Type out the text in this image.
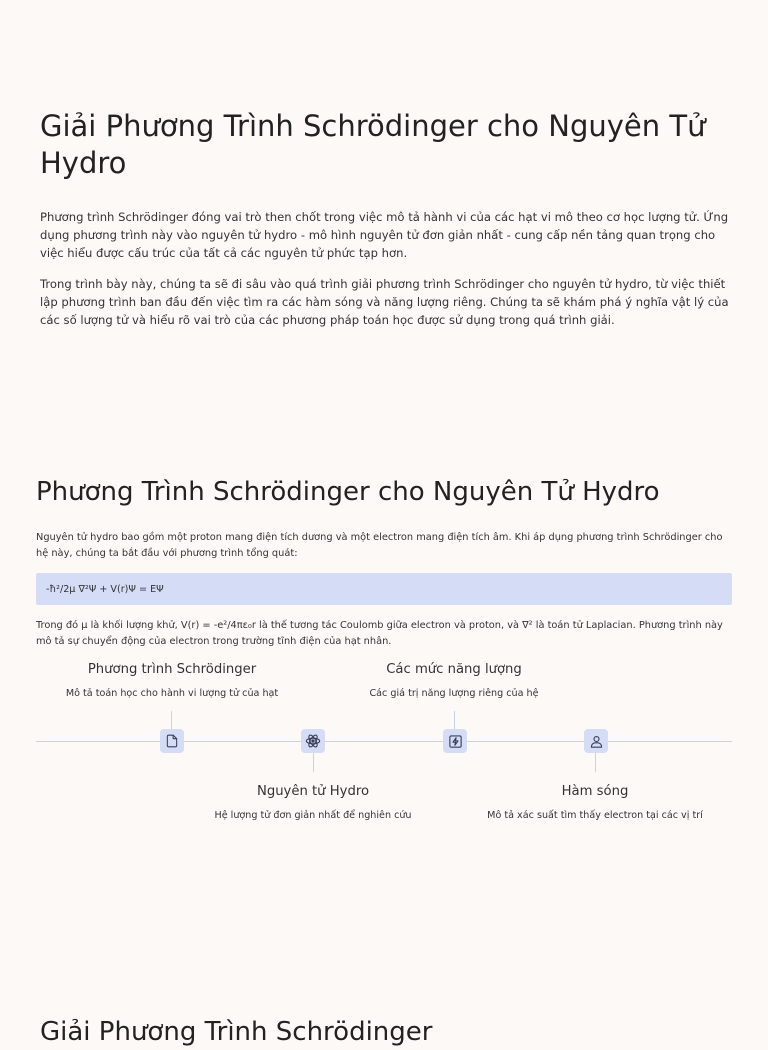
Giải Phương Trình Schrödinger cho Nguyên Tử Hydro

Phương trình Schrödinger đóng vai trò then chốt trong việc mô tả hành vi của các hạt vi mô theo cơ học lượng tử. Ứng dụng phương trình này vào nguyên tử hydro - mô hình nguyên tử đơn giản nhất - cung cấp nền tảng quan trọng cho việc hiểu được cấu trúc của tất cả các nguyên tử phức tạp hơn.

Trong trình bày này, chúng ta sẽ đi sâu vào quá trình giải phương trình Schrödinger cho nguyên tử hydro, từ việc thiết lập phương trình ban đầu đến việc tìm ra các hàm sóng và năng lượng riêng. Chúng ta sẽ khám phá ý nghĩa vật lý của các số lượng tử và hiểu rõ vai trò của các phương pháp toán học được sử dụng trong quá trình giải.

Phương Trình Schrödinger cho Nguyên Tử Hydro

Nguyên tử hydro bao gồm một proton mang điện tích dương và một electron mang điện tích âm. Khi áp dụng phương trình Schrödinger cho hệ này, chúng ta bắt đầu với phương trình tổng quát:

-ħ²/2μ ∇²Ψ + V(r)Ψ = EΨ

Trong đó μ là khối lượng khử, V(r) = -e²/4πε₀r là thế tương tác Coulomb giữa electron và proton, và ∇² là toán tử Laplacian. Phương trình này mô tả sự chuyển động của electron trong trường tĩnh điện của hạt nhân.

Phương trình Schrödinger
Mô tả toán học cho hành vi lượng tử của hạt
Nguyên tử Hydro
Hệ lượng tử đơn giản nhất để nghiên cứu
Các mức năng lượng
Các giá trị năng lượng riêng của hệ
Hàm sóng
Mô tả xác suất tìm thấy electron tại các vị trí
Giải Phương Trình Schrödinger
